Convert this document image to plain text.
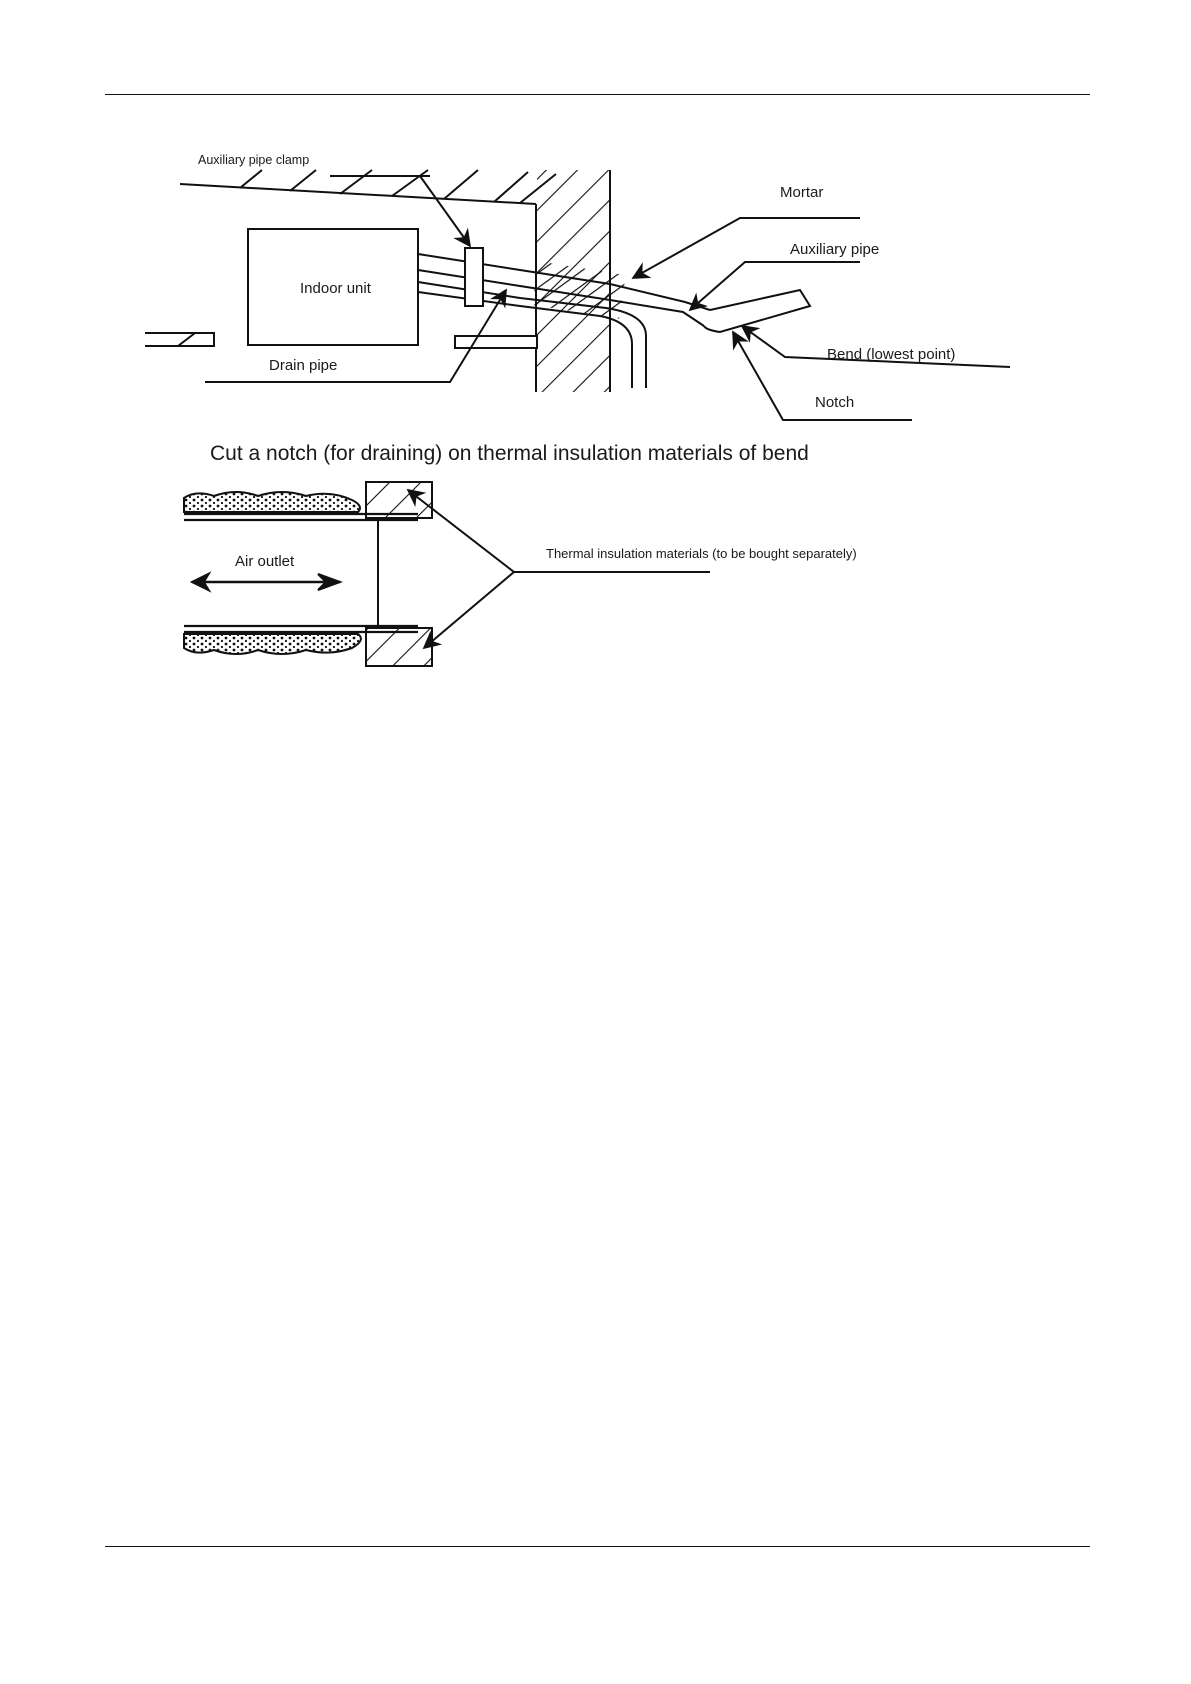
Auxiliary pipe clamp
Mortar
Auxiliary pipe
Indoor unit
Drain pipe
Bend (lowest point)
Notch
Cut a notch (for draining) on thermal insulation materials of bend
Air outlet	Thermal insulation materials (to be bought separately)
